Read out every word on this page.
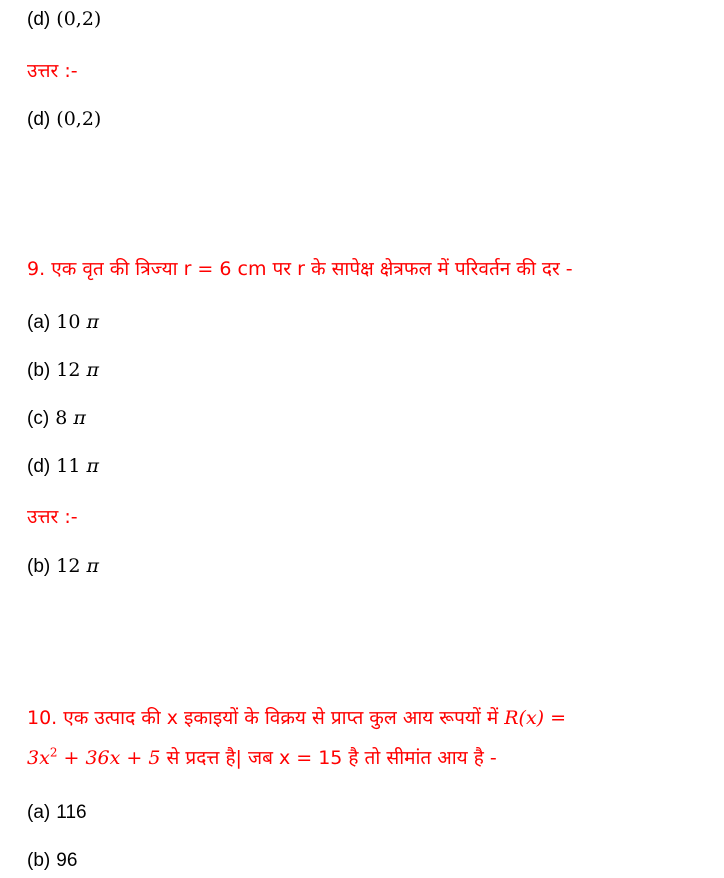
(d) (0,2)
उत्तर :-
(d) (0,2)
9. एक वृत की त्रिज्या r = 6 cm पर r के सापेक्ष क्षेत्रफल में परिवर्तन की दर -
(a) 10 π
(b) 12 π
(c) 8 π
(d) 11 π
उत्तर :-
(b) 12 π
10. एक उत्पाद की x इकाइयों के विक्रय से प्राप्त कुल आय रूपयों में R(x) =
$3x^2 + 36x + 5$ से प्रदत्त है| जब x = 15 है तो सीमांत आय है -
(a) 116
(b) 96
